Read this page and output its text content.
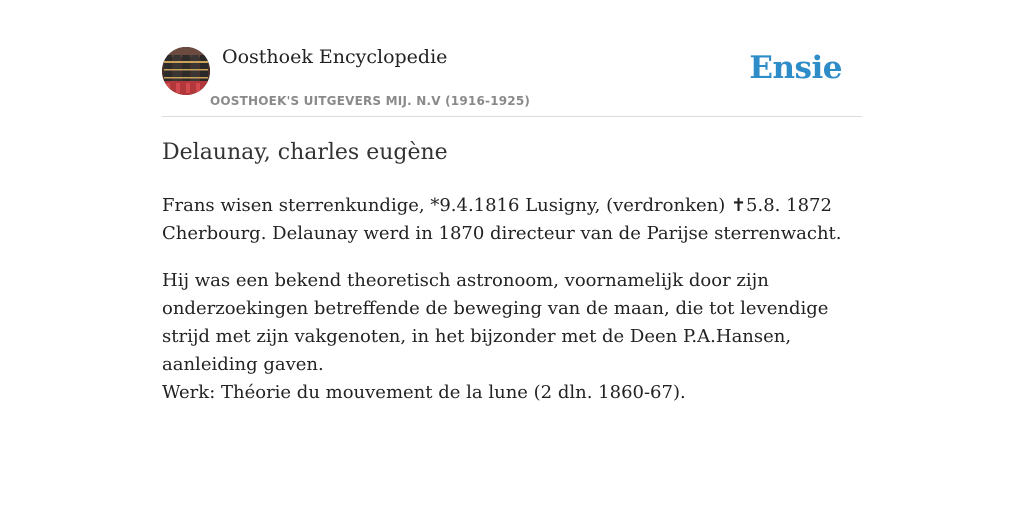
Oosthoek Encyclopedie
OOSTHOEK'S UITGEVERS MIJ. N.V (1916-1925)
Ensie
Delaunay, charles eugène

Frans wisen sterrenkundige, *9.4.1816 Lusigny, (verdronken) ✝5.8. 1872 Cherbourg. Delaunay werd in 1870 directeur van de Parijse sterrenwacht.

Hij was een bekend theoretisch astronoom, voornamelijk door zijn onderzoekingen betreffende de beweging van de maan, die tot levendige strijd met zijn vakgenoten, in het bijzonder met de Deen P.A.Hansen, aanleiding gaven.

Werk: Théorie du mouvement de la lune (2 dln. 1860-67).
